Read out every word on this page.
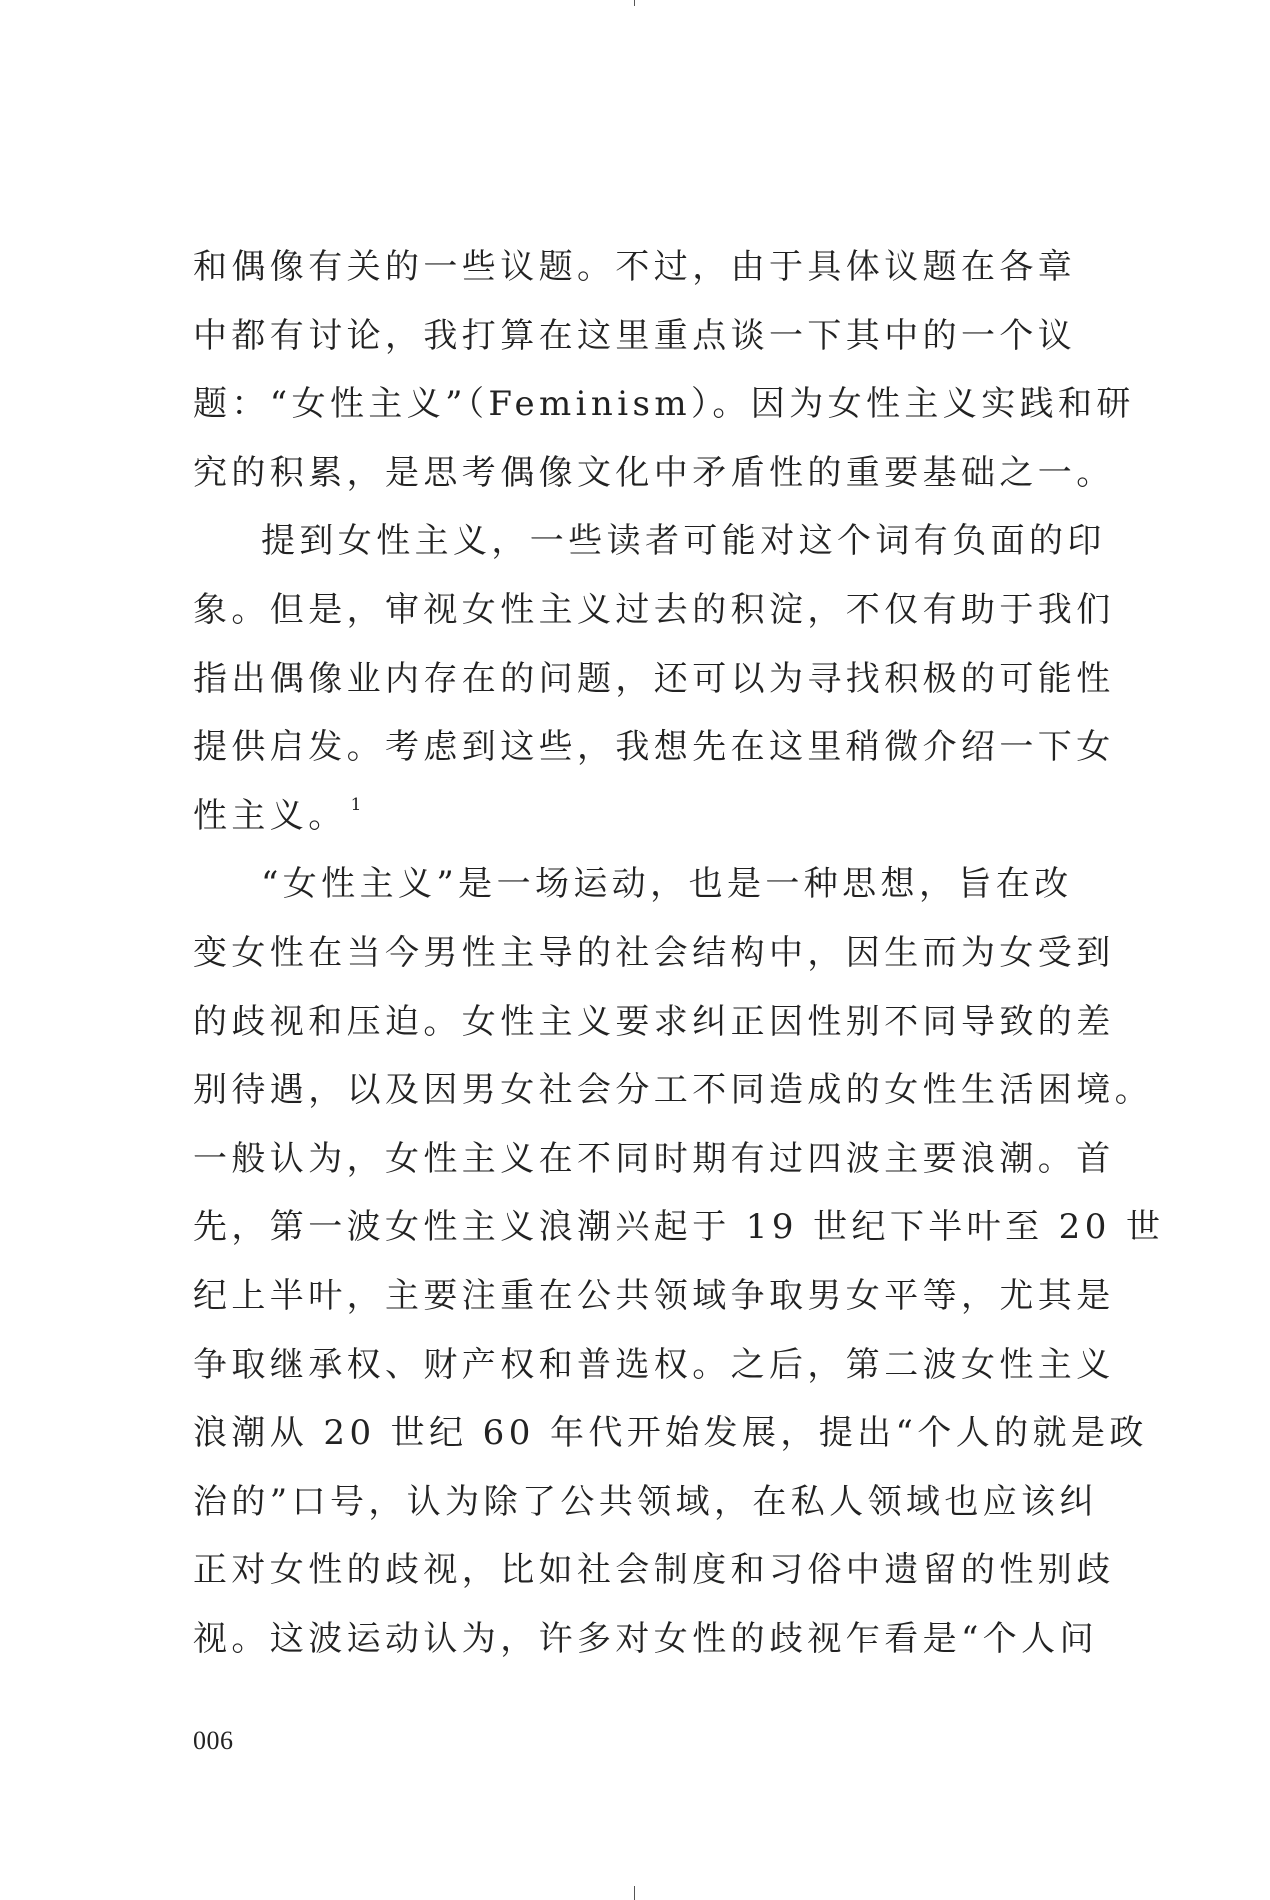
和偶像有关的一些议题。不过，由于具体议题在各章
中都有讨论，我打算在这里重点谈一下其中的一个议
题：“女性主义”（Feminism）。因为女性主义实践和研
究的积累，是思考偶像文化中矛盾性的重要基础之一。
提到女性主义，一些读者可能对这个词有负面的印
象。但是，审视女性主义过去的积淀，不仅有助于我们
指出偶像业内存在的问题，还可以为寻找积极的可能性
提供启发。考虑到这些，我想先在这里稍微介绍一下女
性主义。 $^1$
“女性主义”是一场运动，也是一种思想，旨在改
变女性在当今男性主导的社会结构中，因生而为女受到
的歧视和压迫。女性主义要求纠正因性别不同导致的差
别待遇，以及因男女社会分工不同造成的女性生活困境。
一般认为，女性主义在不同时期有过四波主要浪潮。首
先，第一波女性主义浪潮兴起于 19 世纪下半叶至 20 世
纪上半叶，主要注重在公共领域争取男女平等，尤其是
争取继承权、财产权和普选权。之后，第二波女性主义
浪潮从 20 世纪 60 年代开始发展，提出“个人的就是政
治的”口号，认为除了公共领域，在私人领域也应该纠
正对女性的歧视，比如社会制度和习俗中遗留的性别歧
视。这波运动认为，许多对女性的歧视乍看是“个人问
006
